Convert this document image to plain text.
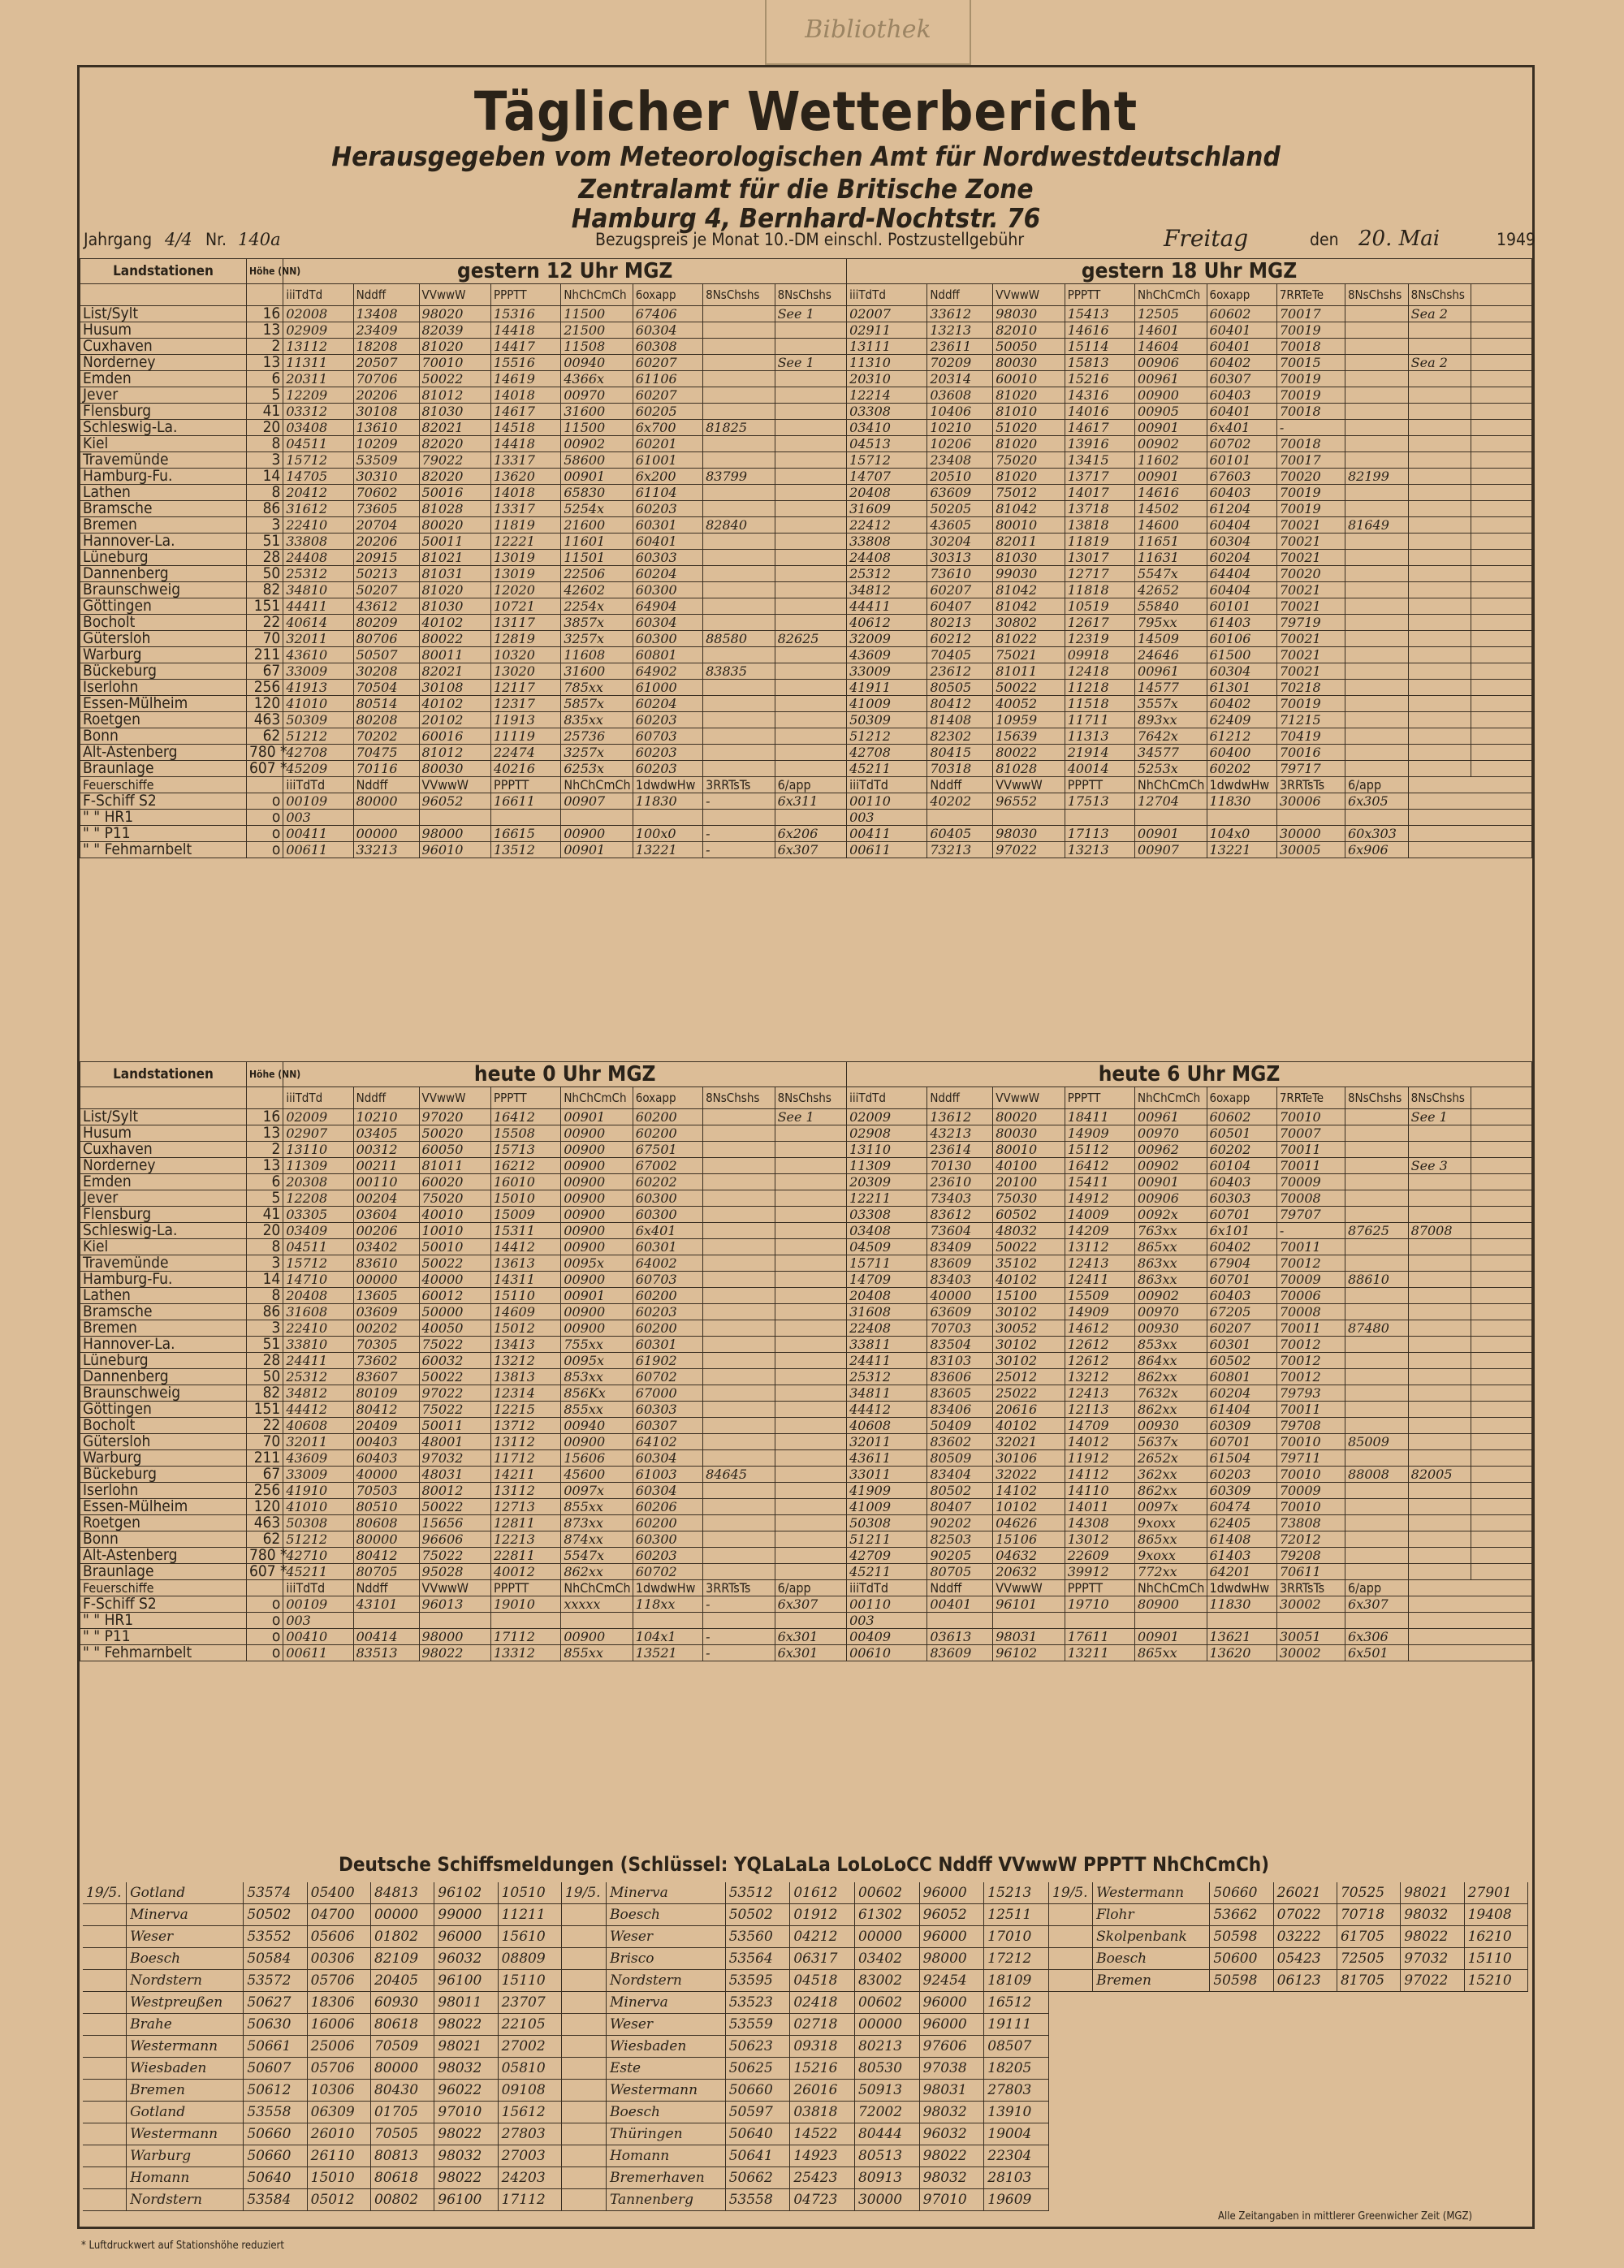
Bibliothek
Täglicher Wetterbericht
Herausgegeben vom Meteorologischen Amt für Nordwestdeutschland
Zentralamt für die Britische Zone
Hamburg 4, Bernhard-Nochtstr. 76
Jahrgang 4/4 Nr. 140a	Bezugspreis je Monat 10.-DM einschl. Postzustellgebühr	Freitag	den 20. Mai	1949
Landstationen	Höhe (NN)	gestern 12 Uhr MGZ								gestern 18 Uhr MGZ									
		iiiTdTd	Nddff	VVwwW	PPPTT	NhChCmCh	6oxapp	8NsChshs	8NsChshs	iiiTdTd	Nddff	VVwwW	PPPTT	NhChCmCh	6oxapp	7RRTeTe	8NsChshs	8NsChshs	
List/Sylt	16	02008	13408	98020	15316	11500	67406		See 1	02007	33612	98030	15413	12505	60602	70017		Sea 2	
Husum	13	02909	23409	82039	14418	21500	60304			02911	13213	82010	14616	14601	60401	70019			
Cuxhaven	2	13112	18208	81020	14417	11508	60308			13111	23611	50050	15114	14604	60401	70018			
Norderney	13	11311	20507	70010	15516	00940	60207		See 1	11310	70209	80030	15813	00906	60402	70015		Sea 2	
Emden	6	20311	70706	50022	14619	4366x	61106			20310	20314	60010	15216	00961	60307	70019			
Jever	5	12209	20206	81012	14018	00970	60207			12214	03608	81020	14316	00900	60403	70019			
Flensburg	41	03312	30108	81030	14617	31600	60205			03308	10406	81010	14016	00905	60401	70018			
Schleswig-La.	20	03408	13610	82021	14518	11500	6x700	81825		03410	10210	51020	14617	00901	6x401	-			
Kiel	8	04511	10209	82020	14418	00902	60201			04513	10206	81020	13916	00902	60702	70018			
Travemünde	3	15712	53509	79022	13317	58600	61001			15712	23408	75020	13415	11602	60101	70017			
Hamburg-Fu.	14	14705	30310	82020	13620	00901	6x200	83799		14707	20510	81020	13717	00901	67603	70020	82199		
Lathen	8	20412	70602	50016	14018	65830	61104			20408	63609	75012	14017	14616	60403	70019			
Bramsche	86	31612	73605	81028	13317	5254x	60203			31609	50205	81042	13718	14502	61204	70019			
Bremen	3	22410	20704	80020	11819	21600	60301	82840		22412	43605	80010	13818	14600	60404	70021	81649		
Hannover-La.	51	33808	20206	50011	12221	11601	60401			33808	30204	82011	11819	11651	60304	70021			
Lüneburg	28	24408	20915	81021	13019	11501	60303			24408	30313	81030	13017	11631	60204	70021			
Dannenberg	50	25312	50213	81031	13019	22506	60204			25312	73610	99030	12717	5547x	64404	70020			
Braunschweig	82	34810	50207	81020	12020	42602	60300			34812	60207	81042	11818	42652	60404	70021			
Göttingen	151	44411	43612	81030	10721	2254x	64904			44411	60407	81042	10519	55840	60101	70021			
Bocholt	22	40614	80209	40102	13117	3857x	60304			40612	80213	30802	12617	795xx	61403	79719			
Gütersloh	70	32011	80706	80022	12819	3257x	60300	88580	82625	32009	60212	81022	12319	14509	60106	70021			
Warburg	211	43610	50507	80011	10320	11608	60801			43609	70405	75021	09918	24646	61500	70021			
Bückeburg	67	33009	30208	82021	13020	31600	64902	83835		33009	23612	81011	12418	00961	60304	70021			
Iserlohn	256	41913	70504	30108	12117	785xx	61000			41911	80505	50022	11218	14577	61301	70218			
Essen-Mülheim	120	41010	80514	40102	12317	5857x	60204			41009	80412	40052	11518	3557x	60402	70019			
Roetgen	463	50309	80208	20102	11913	835xx	60203			50309	81408	10959	11711	893xx	62409	71215			
Bonn	62	51212	70202	60016	11119	25736	60703			51212	82302	15639	11313	7642x	61212	70419			
Alt-Astenberg	780 *	42708	70475	81012	22474	3257x	60203			42708	80415	80022	21914	34577	60400	70016			
Braunlage	607 *	45209	70116	80030	40216	6253x	60203			45211	70318	81028	40014	5253x	60202	79717			
Feuerschiffe		iiiTdTd	Nddff	VVwwW	PPPTT	NhChCmCh	1dwdwHw	3RRTsTs	6/app	iiiTdTd	Nddff	VVwwW	PPPTT	NhChCmCh	1dwdwHw	3RRTsTs	6/app		
F-Schiff S2	o	00109	80000	96052	16611	00907	11830	-	6x311	00110	40202	96552	17513	12704	11830	30006	6x305		
" " HR1	o	003								003									
" " P11	o	00411	00000	98000	16615	00900	100x0	-	6x206	00411	60405	98030	17113	00901	104x0	30000	60x303		
" " Fehmarnbelt	o	00611	33213	96010	13512	00901	13221	-	6x307	00611	73213	97022	13213	00907	13221	30005	6x906		
Landstationen	Höhe (NN)	heute 0 Uhr MGZ								heute 6 Uhr MGZ									
		iiiTdTd	Nddff	VVwwW	PPPTT	NhChCmCh	6oxapp	8NsChshs	8NsChshs	iiiTdTd	Nddff	VVwwW	PPPTT	NhChCmCh	6oxapp	7RRTeTe	8NsChshs	8NsChshs	
List/Sylt	16	02009	10210	97020	16412	00901	60200		See 1	02009	13612	80020	18411	00961	60602	70010		See 1	
Husum	13	02907	03405	50020	15508	00900	60200			02908	43213	80030	14909	00970	60501	70007			
Cuxhaven	2	13110	00312	60050	15713	00900	67501			13110	23614	80010	15112	00962	60202	70011			
Norderney	13	11309	00211	81011	16212	00900	67002			11309	70130	40100	16412	00902	60104	70011		See 3	
Emden	6	20308	00110	60020	16010	00900	60202			20309	23610	20100	15411	00901	60403	70009			
Jever	5	12208	00204	75020	15010	00900	60300			12211	73403	75030	14912	00906	60303	70008			
Flensburg	41	03305	03604	40010	15009	00900	60300			03308	83612	60502	14009	0092x	60701	79707			
Schleswig-La.	20	03409	00206	10010	15311	00900	6x401			03408	73604	48032	14209	763xx	6x101	-	87625	87008	
Kiel	8	04511	03402	50010	14412	00900	60301			04509	83409	50022	13112	865xx	60402	70011			
Travemünde	3	15712	83610	50022	13613	0095x	64002			15711	83609	35102	12413	863xx	67904	70012			
Hamburg-Fu.	14	14710	00000	40000	14311	00900	60703			14709	83403	40102	12411	863xx	60701	70009	88610		
Lathen	8	20408	13605	60012	15110	00901	60200			20408	40000	15100	15509	00902	60403	70006			
Bramsche	86	31608	03609	50000	14609	00900	60203			31608	63609	30102	14909	00970	67205	70008			
Bremen	3	22410	00202	40050	15012	00900	60200			22408	70703	30052	14612	00930	60207	70011	87480		
Hannover-La.	51	33810	70305	75022	13413	755xx	60301			33811	83504	30102	12612	853xx	60301	70012			
Lüneburg	28	24411	73602	60032	13212	0095x	61902			24411	83103	30102	12612	864xx	60502	70012			
Dannenberg	50	25312	83607	50022	13813	853xx	60702			25312	83606	25012	13212	862xx	60801	70012			
Braunschweig	82	34812	80109	97022	12314	856Kx	67000			34811	83605	25022	12413	7632x	60204	79793			
Göttingen	151	44412	80412	75022	12215	855xx	60303			44412	83406	20616	12113	862xx	61404	70011			
Bocholt	22	40608	20409	50011	13712	00940	60307			40608	50409	40102	14709	00930	60309	79708			
Gütersloh	70	32011	00403	48001	13112	00900	64102			32011	83602	32021	14012	5637x	60701	70010	85009		
Warburg	211	43609	60403	97032	11712	15606	60304			43611	80509	30106	11912	2652x	61504	79711			
Bückeburg	67	33009	40000	48031	14211	45600	61003	84645		33011	83404	32022	14112	362xx	60203	70010	88008	82005	
Iserlohn	256	41910	70503	80012	13112	0097x	60304			41909	80502	14102	14110	862xx	60309	70009			
Essen-Mülheim	120	41010	80510	50022	12713	855xx	60206			41009	80407	10102	14011	0097x	60474	70010			
Roetgen	463	50308	80608	15656	12811	873xx	60200			50308	90202	04626	14308	9xoxx	62405	73808			
Bonn	62	51212	80000	96606	12213	874xx	60300			51211	82503	15106	13012	865xx	61408	72012			
Alt-Astenberg	780 *	42710	80412	75022	22811	5547x	60203			42709	90205	04632	22609	9xoxx	61403	79208			
Braunlage	607 *	45211	80705	95028	40012	862xx	60702			45211	80705	20632	39912	772xx	64201	70611			
Feuerschiffe		iiiTdTd	Nddff	VVwwW	PPPTT	NhChCmCh	1dwdwHw	3RRTsTs	6/app	iiiTdTd	Nddff	VVwwW	PPPTT	NhChCmCh	1dwdwHw	3RRTsTs	6/app		
F-Schiff S2	o	00109	43101	96013	19010	xxxxx	118xx	-	6x307	00110	00401	96101	19710	80900	11830	30002	6x307		
" " HR1	o	003								003									
" " P11	o	00410	00414	98000	17112	00900	104x1	-	6x301	00409	03613	98031	17611	00901	13621	30051	6x306		
" " Fehmarnbelt	o	00611	83513	98022	13312	855xx	13521	-	6x301	00610	83609	96102	13211	865xx	13620	30002	6x501		
Deutsche Schiffsmeldungen (Schlüssel: YQLaLaLa LoLoLoCC Nddff VVwwW PPPTT NhChCmCh)
19/5.	Gotland	53574	05400	84813	96102	10510
	Minerva	50502	04700	00000	99000	11211
	Weser	53552	05606	01802	96000	15610
	Boesch	50584	00306	82109	96032	08809
	Nordstern	53572	05706	20405	96100	15110
	Westpreußen	50627	18306	60930	98011	23707
	Brahe	50630	16006	80618	98022	22105
	Westermann	50661	25006	70509	98021	27002
	Wiesbaden	50607	05706	80000	98032	05810
	Bremen	50612	10306	80430	96022	09108
	Gotland	53558	06309	01705	97010	15612
	Westermann	50660	26010	70505	98022	27803
	Warburg	50660	26110	80813	98032	27003
	Homann	50640	15010	80618	98022	24203
	Nordstern	53584	05012	00802	96100	17112
19/5.	Minerva	53512	01612	00602	96000	15213
	Boesch	50502	01912	61302	96052	12511
	Weser	53560	04212	00000	96000	17010
	Brisco	53564	06317	03402	98000	17212
	Nordstern	53595	04518	83002	92454	18109
	Minerva	53523	02418	00602	96000	16512
	Weser	53559	02718	00000	96000	19111
	Wiesbaden	50623	09318	80213	97606	08507
	Este	50625	15216	80530	97038	18205
	Westermann	50660	26016	50913	98031	27803
	Boesch	50597	03818	72002	98032	13910
	Thüringen	50640	14522	80444	96032	19004
	Homann	50641	14923	80513	98022	22304
	Bremerhaven	50662	25423	80913	98032	28103
	Tannenberg	53558	04723	30000	97010	19609
19/5.	Westermann	50660	26021	70525	98021	27901
	Flohr	53662	07022	70718	98032	19408
	Skolpenbank	50598	03222	61705	98022	16210
	Boesch	50600	05423	72505	97032	15110
	Bremen	50598	06123	81705	97022	15210
* Luftdruckwert auf Stationshöhe reduziert
Alle Zeitangaben in mittlerer Greenwicher Zeit (MGZ)
